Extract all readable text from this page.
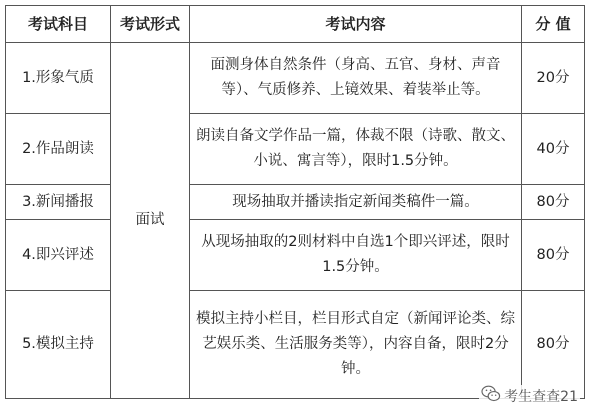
考试科目	考试形式	考试内容	分 值
1.形象气质	面试	面测身体自然条件（身高、五官、身材、声音等）、气质修养、上镜效果、着装举止等。	20分
2.作品朗读		朗读自备文学作品一篇，体裁不限（诗歌、散文、小说、寓言等），限时1.5分钟。	40分
3.新闻播报		现场抽取并播读指定新闻类稿件一篇。	80分
4.即兴评述		从现场抽取的2则材料中自选1个即兴评述，限时1.5分钟。	80分
5.模拟主持		模拟主持小栏目，栏目形式自定（新闻评论类、综艺娱乐类、生活服务类等），内容自备，限时2分钟。	80分
考生查查21
